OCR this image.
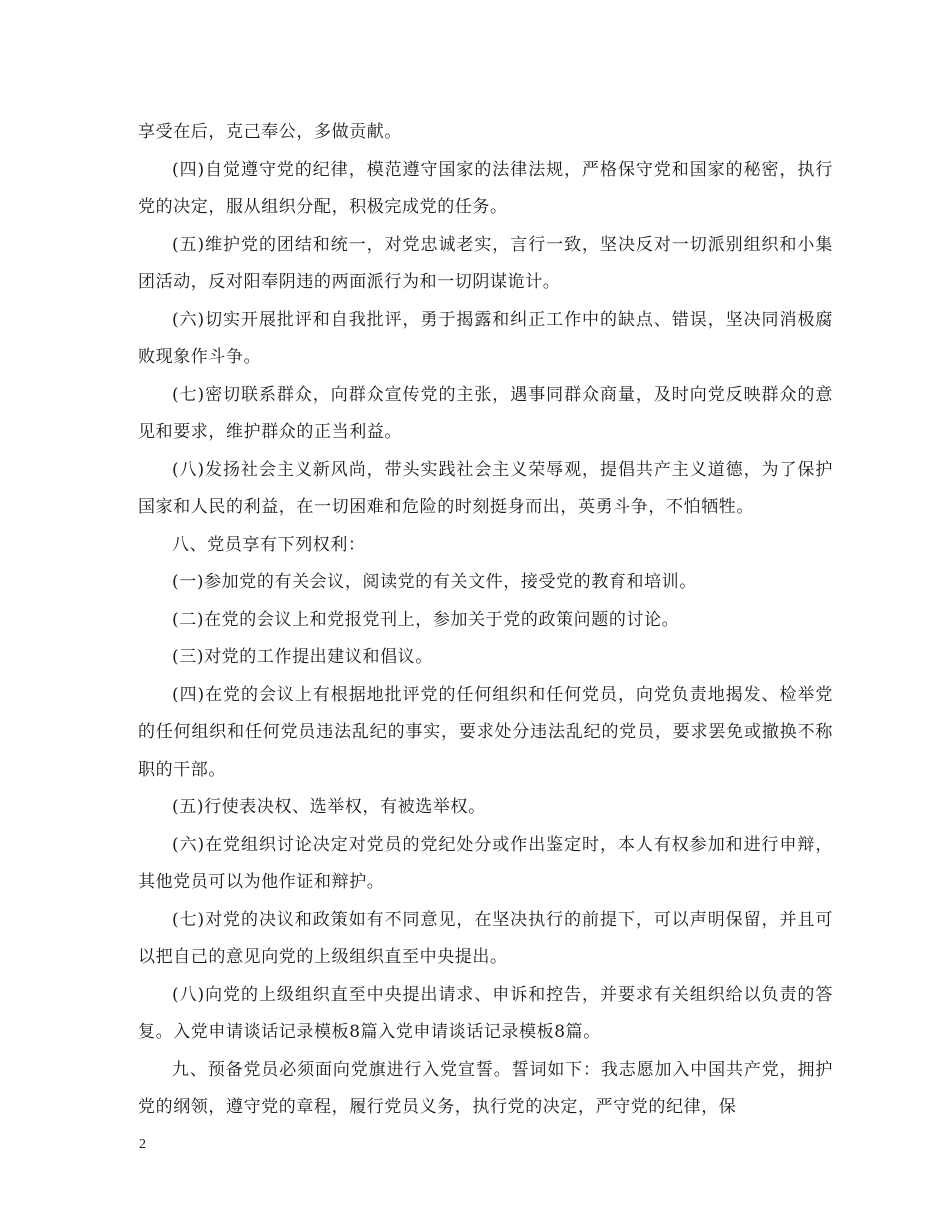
享受在后，克己奉公，多做贡献。

(四)自觉遵守党的纪律，模范遵守国家的法律法规，严格保守党和国家的秘密，执行党的决定，服从组织分配，积极完成党的任务。

(五)维护党的团结和统一，对党忠诚老实，言行一致，坚决反对一切派别组织和小集团活动，反对阳奉阴违的两面派行为和一切阴谋诡计。

(六)切实开展批评和自我批评，勇于揭露和纠正工作中的缺点、错误，坚决同消极腐败现象作斗争。

(七)密切联系群众，向群众宣传党的主张，遇事同群众商量，及时向党反映群众的意见和要求，维护群众的正当利益。

(八)发扬社会主义新风尚，带头实践社会主义荣辱观，提倡共产主义道德，为了保护国家和人民的利益，在一切困难和危险的时刻挺身而出，英勇斗争，不怕牺牲。

八、党员享有下列权利：

(一)参加党的有关会议，阅读党的有关文件，接受党的教育和培训。

(二)在党的会议上和党报党刊上，参加关于党的政策问题的讨论。

(三)对党的工作提出建议和倡议。

(四)在党的会议上有根据地批评党的任何组织和任何党员，向党负责地揭发、检举党的任何组织和任何党员违法乱纪的事实，要求处分违法乱纪的党员，要求罢免或撤换不称职的干部。

(五)行使表决权、选举权，有被选举权。

(六)在党组织讨论决定对党员的党纪处分或作出鉴定时，本人有权参加和进行申辩，其他党员可以为他作证和辩护。

(七)对党的决议和政策如有不同意见，在坚决执行的前提下，可以声明保留，并且可以把自己的意见向党的上级组织直至中央提出。

(八)向党的上级组织直至中央提出请求、申诉和控告，并要求有关组织给以负责的答复。入党申请谈话记录模板8篇入党申请谈话记录模板8篇。

九、预备党员必须面向党旗进行入党宣誓。誓词如下：我志愿加入中国共产党，拥护党的纲领，遵守党的章程，履行党员义务，执行党的决定，严守党的纪律，保

2
